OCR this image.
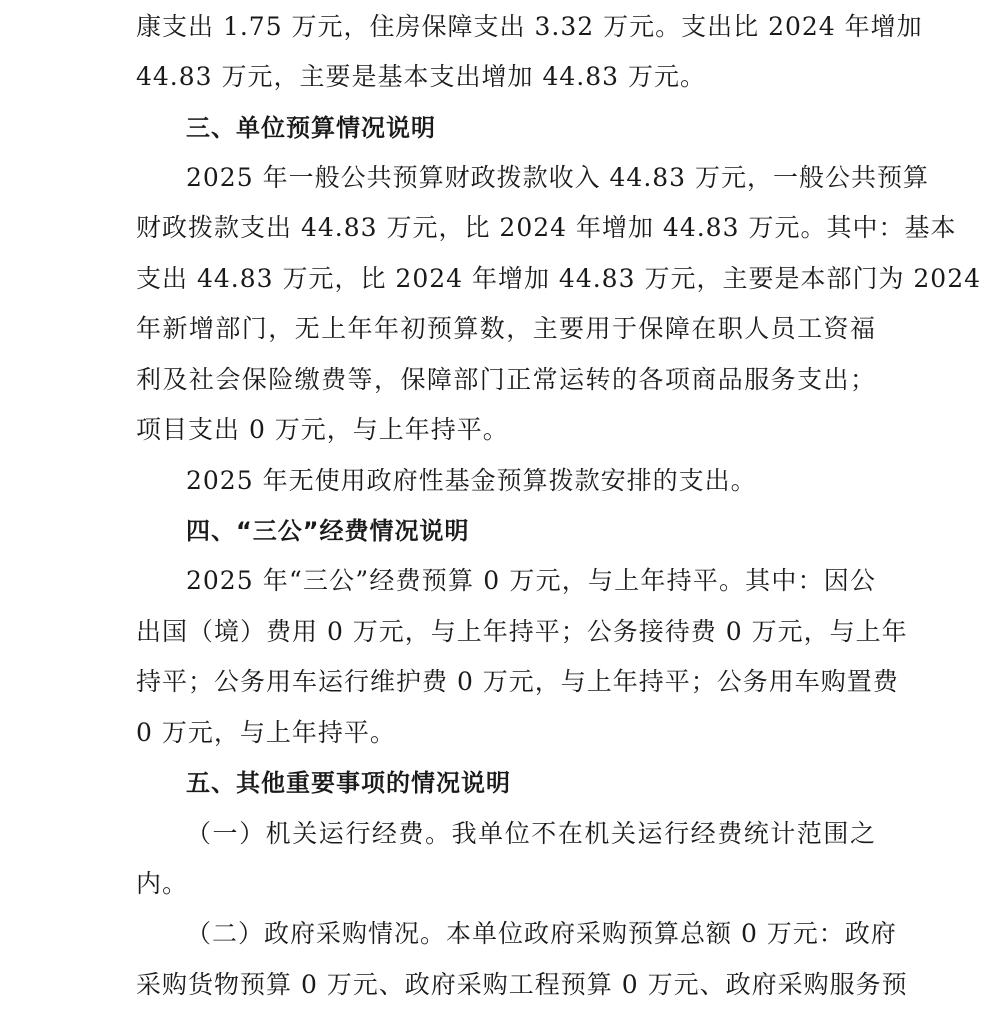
康支出 1.75 万元，住房保障支出 3.32 万元。支出比 2024 年增加
44.83 万元，主要是基本支出增加 44.83 万元。
三、单位预算情况说明
2025 年一般公共预算财政拨款收入 44.83 万元，一般公共预算
财政拨款支出 44.83 万元，比 2024 年增加 44.83 万元。其中：基本
支出 44.83 万元，比 2024 年增加 44.83 万元，主要是本部门为 2024
年新增部门，无上年年初预算数，主要用于保障在职人员工资福
利及社会保险缴费等，保障部门正常运转的各项商品服务支出；
项目支出 0 万元，与上年持平。
2025 年无使用政府性基金预算拨款安排的支出。
四、“三公”经费情况说明
2025 年“三公”经费预算 0 万元，与上年持平。其中：因公
出国（境）费用 0 万元，与上年持平；公务接待费 0 万元，与上年
持平；公务用车运行维护费 0 万元，与上年持平；公务用车购置费
0 万元，与上年持平。
五、其他重要事项的情况说明
（一）机关运行经费。我单位不在机关运行经费统计范围之
内。
（二）政府采购情况。本单位政府采购预算总额 0 万元：政府
采购货物预算 0 万元、政府采购工程预算 0 万元、政府采购服务预
